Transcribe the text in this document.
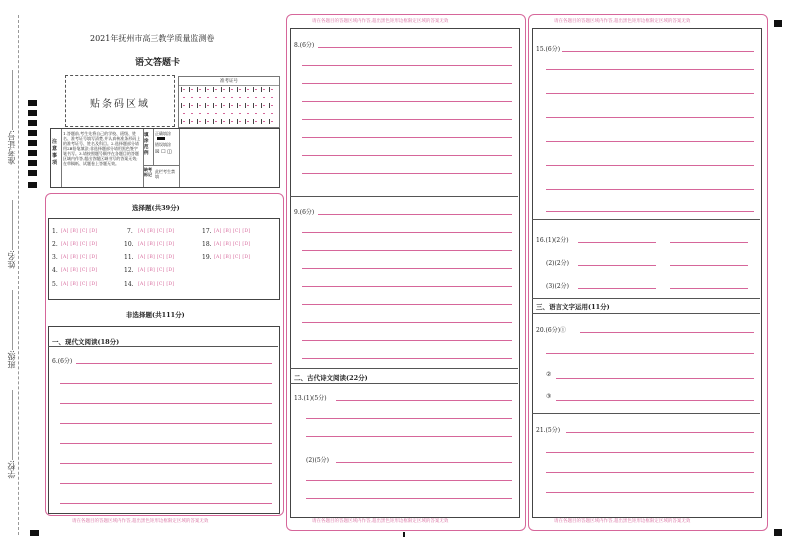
准考证号:
姓名:
班级:
学校:
2021年抚州市高三教学质量监测卷
语文答题卡
贴条码区域
准考证号
注意事项
1.答题前,考生先将自己的学校、班级、姓名、准考证号填写清楚,并认真核准条形码上的准考证号、姓名及科目。2.选择题部分请用2B铅笔填涂;非选择题部分请用黑色签字笔书写。3.请按照题号顺序在各题目的答题区域内作答,超出答题区域书写的答案无效;在草稿纸、试题卷上答题无效。
填涂范例
正确填涂
错误填涂
☒ ☐ ◫
缺考标记
此栏考生禁填
选择题(共39分)
1. [A] [B] [C] [D]
2. [A] [B] [C] [D]
3. [A] [B] [C] [D]
4. [A] [B] [C] [D]
5. [A] [B] [C] [D]
7. [A] [B] [C] [D]
10. [A] [B] [C] [D]
11. [A] [B] [C] [D]
12. [A] [B] [C] [D]
14. [A] [B] [C] [D]
17. [A] [B] [C] [D]
18. [A] [B] [C] [D]
19. [A] [B] [C] [D]
非选择题(共111分)
一、现代文阅读(18分)
6.(6分)
请在各题目的答题区域内作答,超出黑色矩形边框限定区域的答案无效
请在各题目的答题区域内作答,超出黑色矩形边框限定区域的答案无效
8.(6分)
9.(6分)
二、古代诗文阅读(22分)
13.(1)(5分)
(2)(5分)
请在各题目的答题区域内作答,超出黑色矩形边框限定区域的答案无效
请在各题目的答题区域内作答,超出黑色矩形边框限定区域的答案无效
15.(6分)
16.(1)(2分)
(2)(2分)
(3)(2分)
三、语言文字运用(11分)
20.(6分)①
②
③
21.(5分)
请在各题目的答题区域内作答,超出黑色矩形边框限定区域的答案无效
